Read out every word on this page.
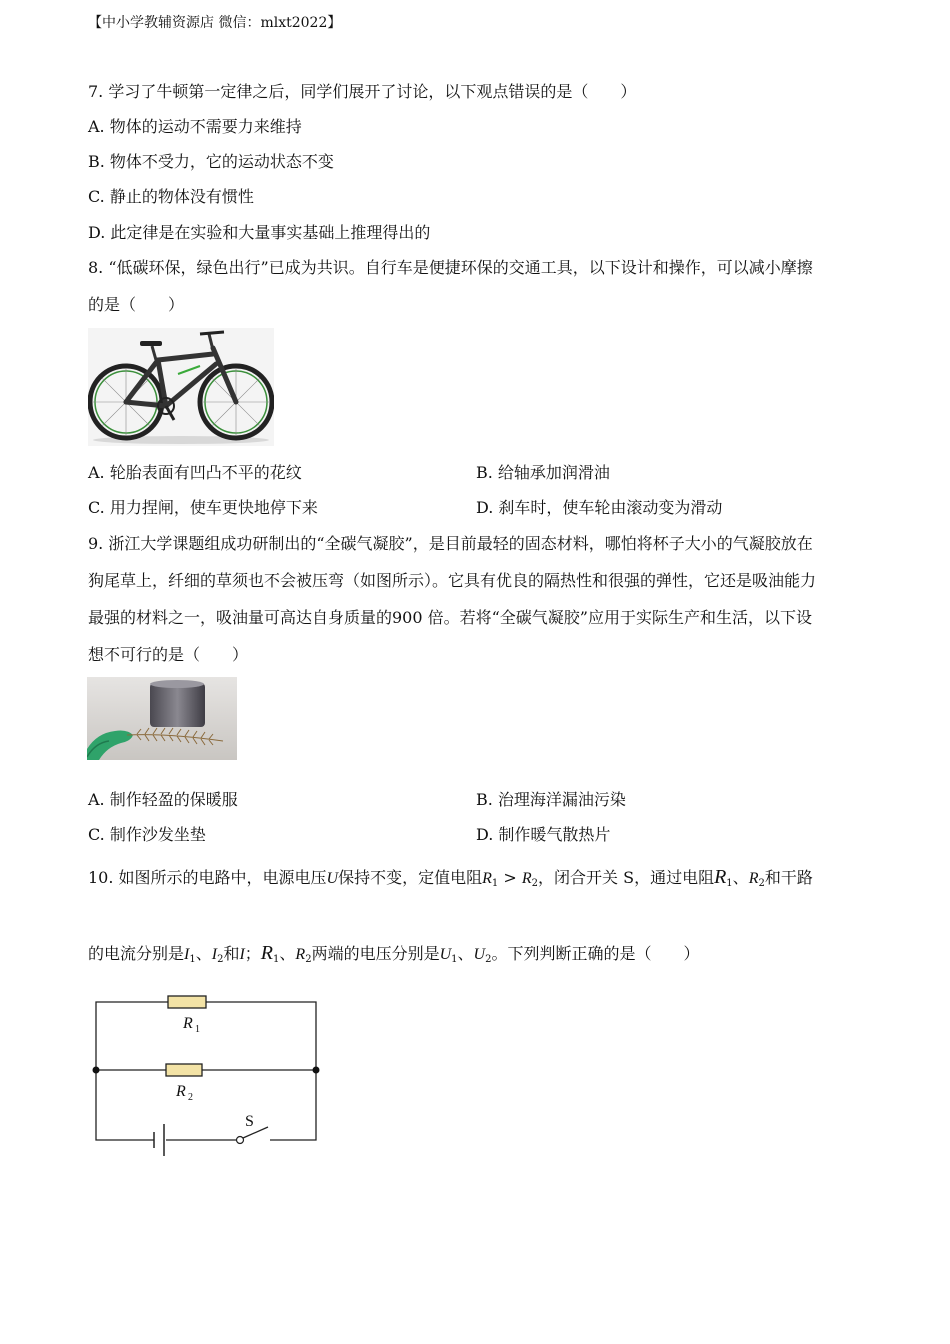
【中小学教辅资源店 微信：mlxt2022】
7. 学习了牛顿第一定律之后，同学们展开了讨论，以下观点错误的是（　　）
A. 物体的运动不需要力来维持
B. 物体不受力，它的运动状态不变
C. 静止的物体没有惯性
D. 此定律是在实验和大量事实基础上推理得出的
8. “低碳环保，绿色出行”已成为共识。自行车是便捷环保的交通工具，以下设计和操作，可以减小摩擦
的是（　　）
A. 轮胎表面有凹凸不平的花纹	B. 给轴承加润滑油
C. 用力捏闸，使车更快地停下来	D. 刹车时，使车轮由滚动变为滑动
9. 浙江大学课题组成功研制出的“全碳气凝胶”，是目前最轻的固态材料，哪怕将杯子大小的气凝胶放在
狗尾草上，纤细的草须也不会被压弯（如图所示）。它具有优良的隔热性和很强的弹性，它还是吸油能力
最强的材料之一，吸油量可高达自身质量的900 倍。若将“全碳气凝胶”应用于实际生产和生活，以下设
想不可行的是（　　）
A. 制作轻盈的保暖服	B. 治理海洋漏油污染
C. 制作沙发坐垫	D. 制作暖气散热片
10. 如图所示的电路中，电源电压U保持不变，定值电阻$R_1 > R_2$，闭合开关 S，通过电阻$R_1$、$R_2$和干路
的电流分别是$I_1$、$I_2$和I；$R_1$、$R_2$两端的电压分别是$U_1$、$U_2$。下列判断正确的是（　　）
R 1
R 2
S
